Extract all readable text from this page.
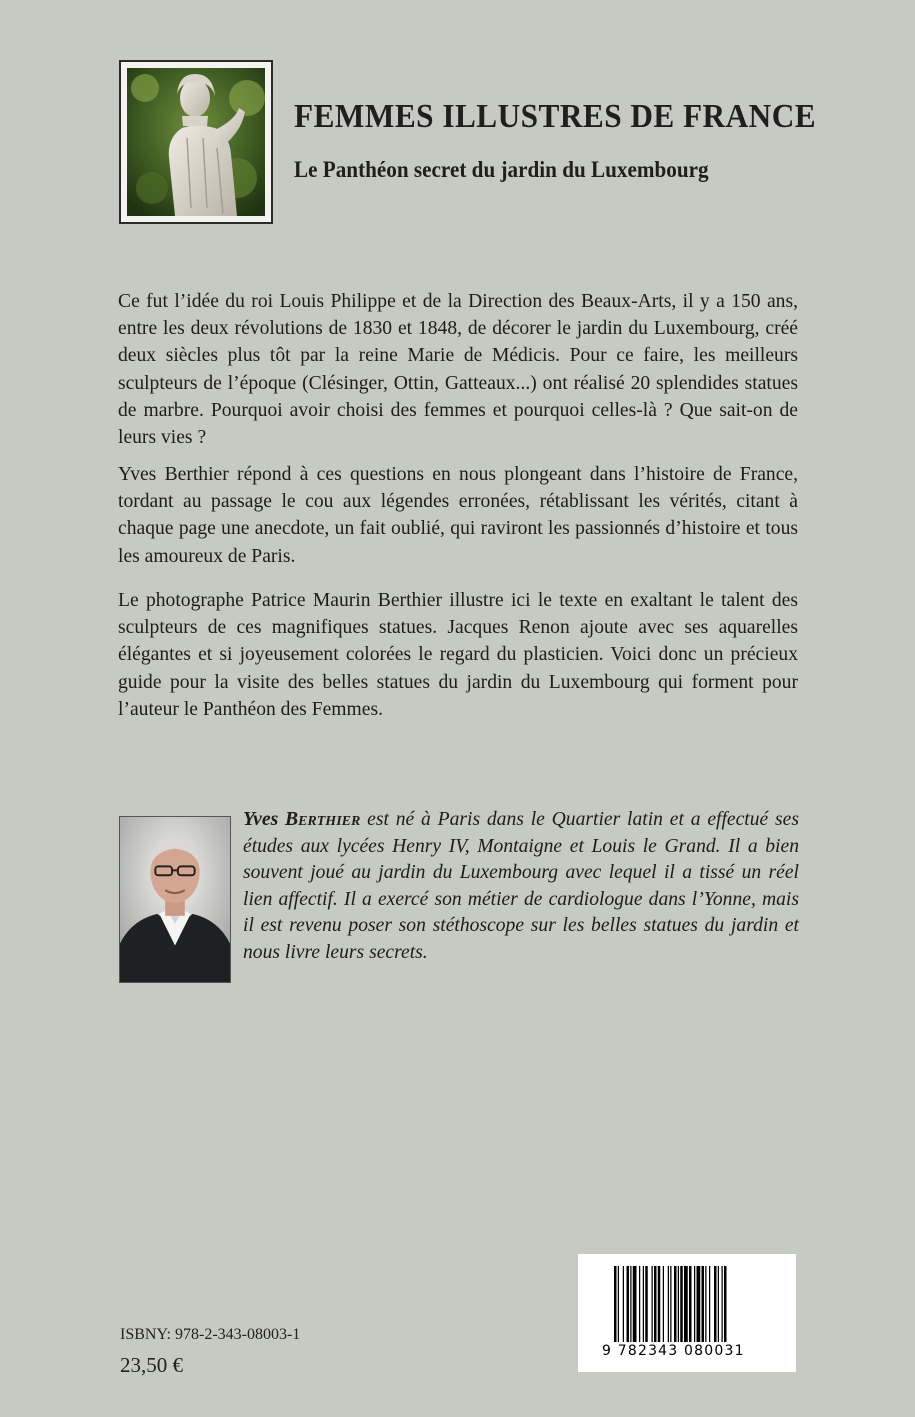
FEMMES ILLUSTRES DE FRANCE
Le Panthéon secret du jardin du Luxembourg

Ce fut l’idée du roi Louis Philippe et de la Direction des Beaux-Arts, il y a 150 ans, entre les deux révolutions de 1830 et 1848, de décorer le jardin du Luxembourg, créé deux siècles plus tôt par la reine Marie de Médicis. Pour ce faire, les meilleurs sculpteurs de l’époque (Clésinger, Ottin, Gatteaux...) ont réalisé 20 splendides statues de marbre. Pourquoi avoir choisi des femmes et pourquoi celles-là ? Que sait-on de leurs vies ?

Yves Berthier répond à ces questions en nous plongeant dans l’histoire de France, tordant au passage le cou aux légendes erronées, rétablissant les vérités, citant à chaque page une anecdote, un fait oublié, qui raviront les passionnés d’histoire et tous les amoureux de Paris.

Le photographe Patrice Maurin Berthier illustre ici le texte en exaltant le talent des sculpteurs de ces magnifiques statues. Jacques Renon ajoute avec ses aquarelles élégantes et si joyeusement colorées le regard du plasticien. Voici donc un précieux guide pour la visite des belles statues du jardin du Luxembourg qui forment pour l’auteur le Panthéon des Femmes.

Yves Berthier est né à Paris dans le Quartier latin et a effectué ses études aux lycées Henry IV, Montaigne et Louis le Grand. Il a bien souvent joué au jardin du Luxembourg avec lequel il a tissé un réel lien affectif. Il a exercé son métier de cardiologue dans l’Yonne, mais il est revenu poser son stéthoscope sur les belles statues du jardin et nous livre leurs secrets.

ISBNY: 978-2-343-08003-1
23,50 €
9 782343 080031
